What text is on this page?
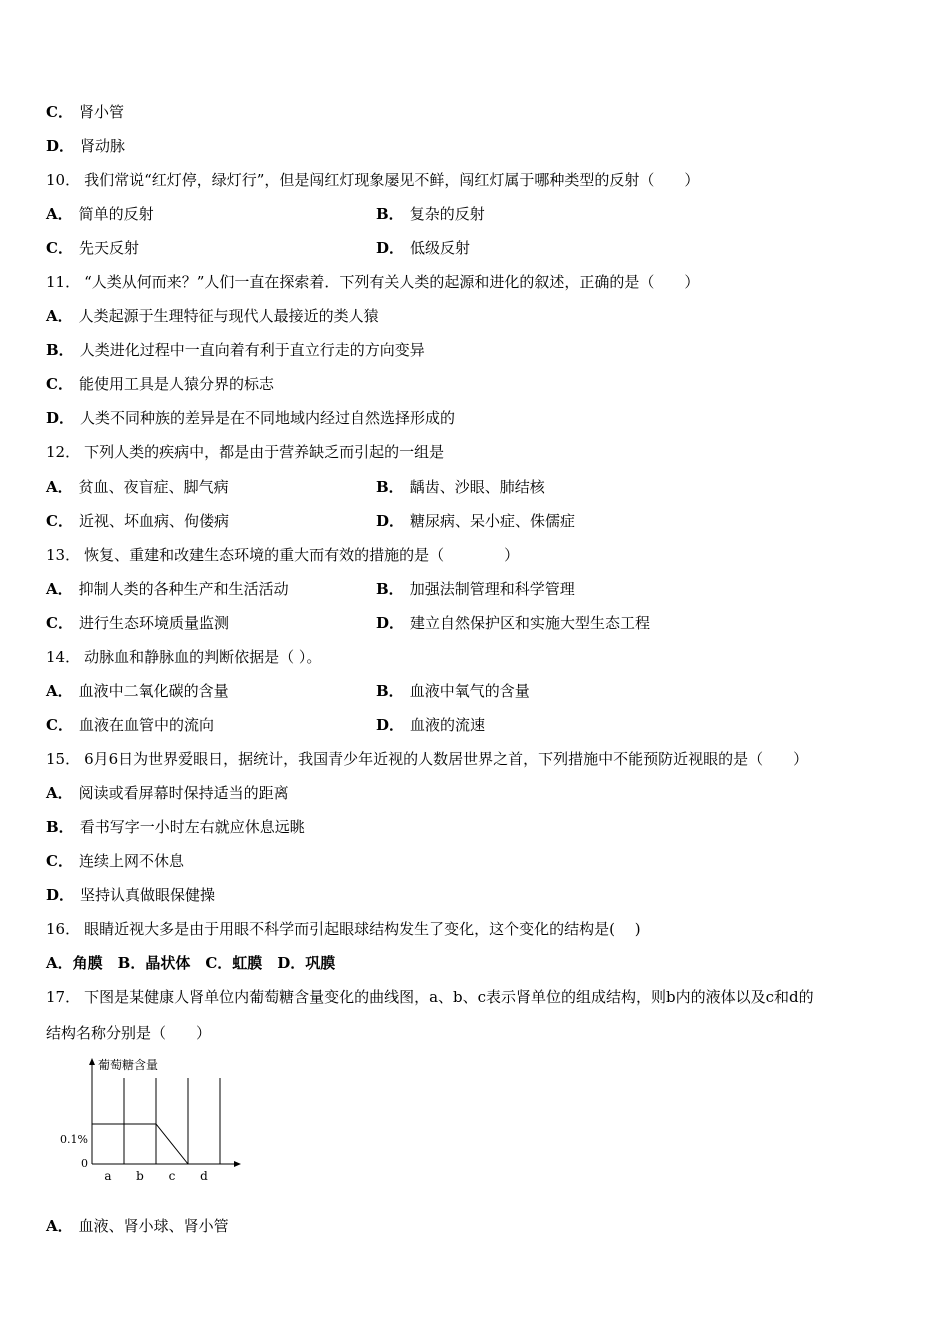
C． 肾小管
D． 肾动脉
10． 我们常说“红灯停，绿灯行”，但是闯红灯现象屡见不鲜，闯红灯属于哪种类型的反射（　　）
A． 简单的反射	B． 复杂的反射
C． 先天反射	D． 低级反射
11． “人类从何而来？”人们一直在探索着．下列有关人类的起源和进化的叙述，正确的是（　　）
A． 人类起源于生理特征与现代人最接近的类人猿
B． 人类进化过程中一直向着有利于直立行走的方向变异
C． 能使用工具是人猿分界的标志
D． 人类不同种族的差异是在不同地域内经过自然选择形成的
12． 下列人类的疾病中，都是由于营养缺乏而引起的一组是
A． 贫血、夜盲症、脚气病	B． 龋齿、沙眼、肺结核
C． 近视、坏血病、佝偻病	D． 糖尿病、呆小症、侏儒症
13． 恢复、重建和改建生态环境的重大而有效的措施的是（　　　　）
A． 抑制人类的各种生产和生活活动	B． 加强法制管理和科学管理
C． 进行生态环境质量监测	D． 建立自然保护区和实施大型生态工程
14． 动脉血和静脉血的判断依据是（ ）。
A． 血液中二氧化碳的含量	B． 血液中氧气的含量
C． 血液在血管中的流向	D． 血液的流速
15． 6月6日为世界爱眼日，据统计，我国青少年近视的人数居世界之首，下列措施中不能预防近视眼的是（　　）
A． 阅读或看屏幕时保持适当的距离
B． 看书写字一小时左右就应休息远眺
C． 连续上网不休息
D． 坚持认真做眼保健操
16． 眼睛近视大多是由于用眼不科学而引起眼球结构发生了变化，这个变化的结构是(　 )
A．角膜　B．晶状体　C．虹膜　D．巩膜
17． 下图是某健康人肾单位内葡萄糖含量变化的曲线图，a、b、c表示肾单位的组成结构，则b内的液体以及c和d的
结构名称分别是（　　）
葡萄糖含量
0.1%
0
a b c d
A． 血液、肾小球、肾小管
